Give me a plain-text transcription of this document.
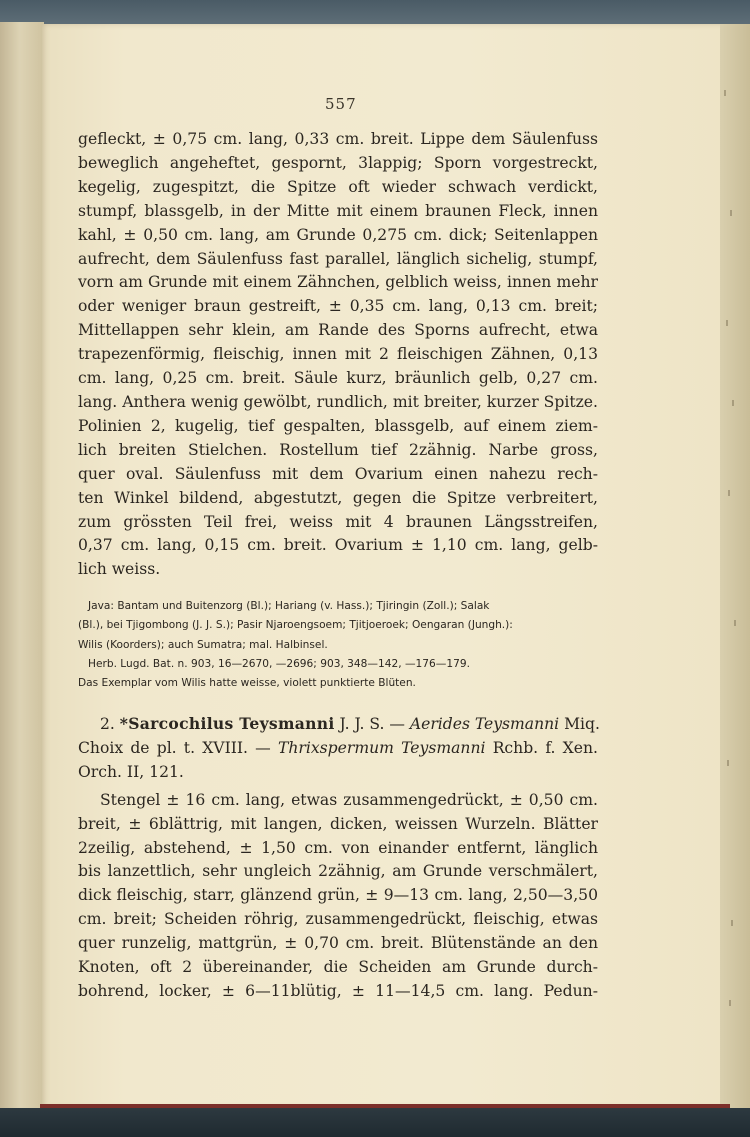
557
gefleckt, ± 0,75 cm. lang, 0,33 cm. breit. Lippe dem Säulenfuss
beweglich angeheftet, gespornt, 3lappig; Sporn vorgestreckt,
kegelig, zugespitzt, die Spitze oft wieder schwach verdickt,
stumpf, blassgelb, in der Mitte mit einem braunen Fleck, innen
kahl, ± 0,50 cm. lang, am Grunde 0,275 cm. dick; Seitenlappen
aufrecht, dem Säulenfuss fast parallel, länglich sichelig, stumpf,
vorn am Grunde mit einem Zähnchen, gelblich weiss, innen mehr
oder weniger braun gestreift, ± 0,35 cm. lang, 0,13 cm. breit;
Mittellappen sehr klein, am Rande des Sporns aufrecht, etwa
trapezenförmig, fleischig, innen mit 2 fleischigen Zähnen, 0,13
cm. lang, 0,25 cm. breit. Säule kurz, bräunlich gelb, 0,27 cm.
lang. Anthera wenig gewölbt, rundlich, mit breiter, kurzer Spitze.
Polinien 2, kugelig, tief gespalten, blassgelb, auf einem ziem-
lich breiten Stielchen. Rostellum tief 2zähnig. Narbe gross,
quer oval. Säulenfuss mit dem Ovarium einen nahezu rech-
ten Winkel bildend, abgestutzt, gegen die Spitze verbreitert,
zum grössten Teil frei, weiss mit 4 braunen Längsstreifen,
0,37 cm. lang, 0,15 cm. breit. Ovarium ± 1,10 cm. lang, gelb-
lich weiss.
Java: Bantam und Buitenzorg (Bl.); Hariang (v. Hass.); Tjiringin (Zoll.); Salak
(Bl.), bei Tjigombong (J. J. S.); Pasir Njaroengsoem; Tjitjoeroek; Oengaran (Jungh.):
Wilis (Koorders); auch Sumatra; mal. Halbinsel.
Herb. Lugd. Bat. n. 903, 16—2670, —2696; 903, 348—142, —176—179.
Das Exemplar vom Wilis hatte weisse, violett punktierte Blüten.
2. *Sarcochilus Teysmanni J. J. S. — Aerides Teysmanni Miq.
Choix de pl. t. XVIII. — Thrixspermum Teysmanni Rchb. f. Xen.
Orch. II, 121.
Stengel ± 16 cm. lang, etwas zusammengedrückt, ± 0,50 cm.
breit, ± 6blättrig, mit langen, dicken, weissen Wurzeln. Blätter
2zeilig, abstehend, ± 1,50 cm. von einander entfernt, länglich
bis lanzettlich, sehr ungleich 2zähnig, am Grunde verschmälert,
dick fleischig, starr, glänzend grün, ± 9—13 cm. lang, 2,50—3,50
cm. breit; Scheiden röhrig, zusammengedrückt, fleischig, etwas
quer runzelig, mattgrün, ± 0,70 cm. breit. Blütenstände an den
Knoten, oft 2 übereinander, die Scheiden am Grunde durch-
bohrend, locker, ± 6—11blütig, ± 11—14,5 cm. lang. Pedun-
